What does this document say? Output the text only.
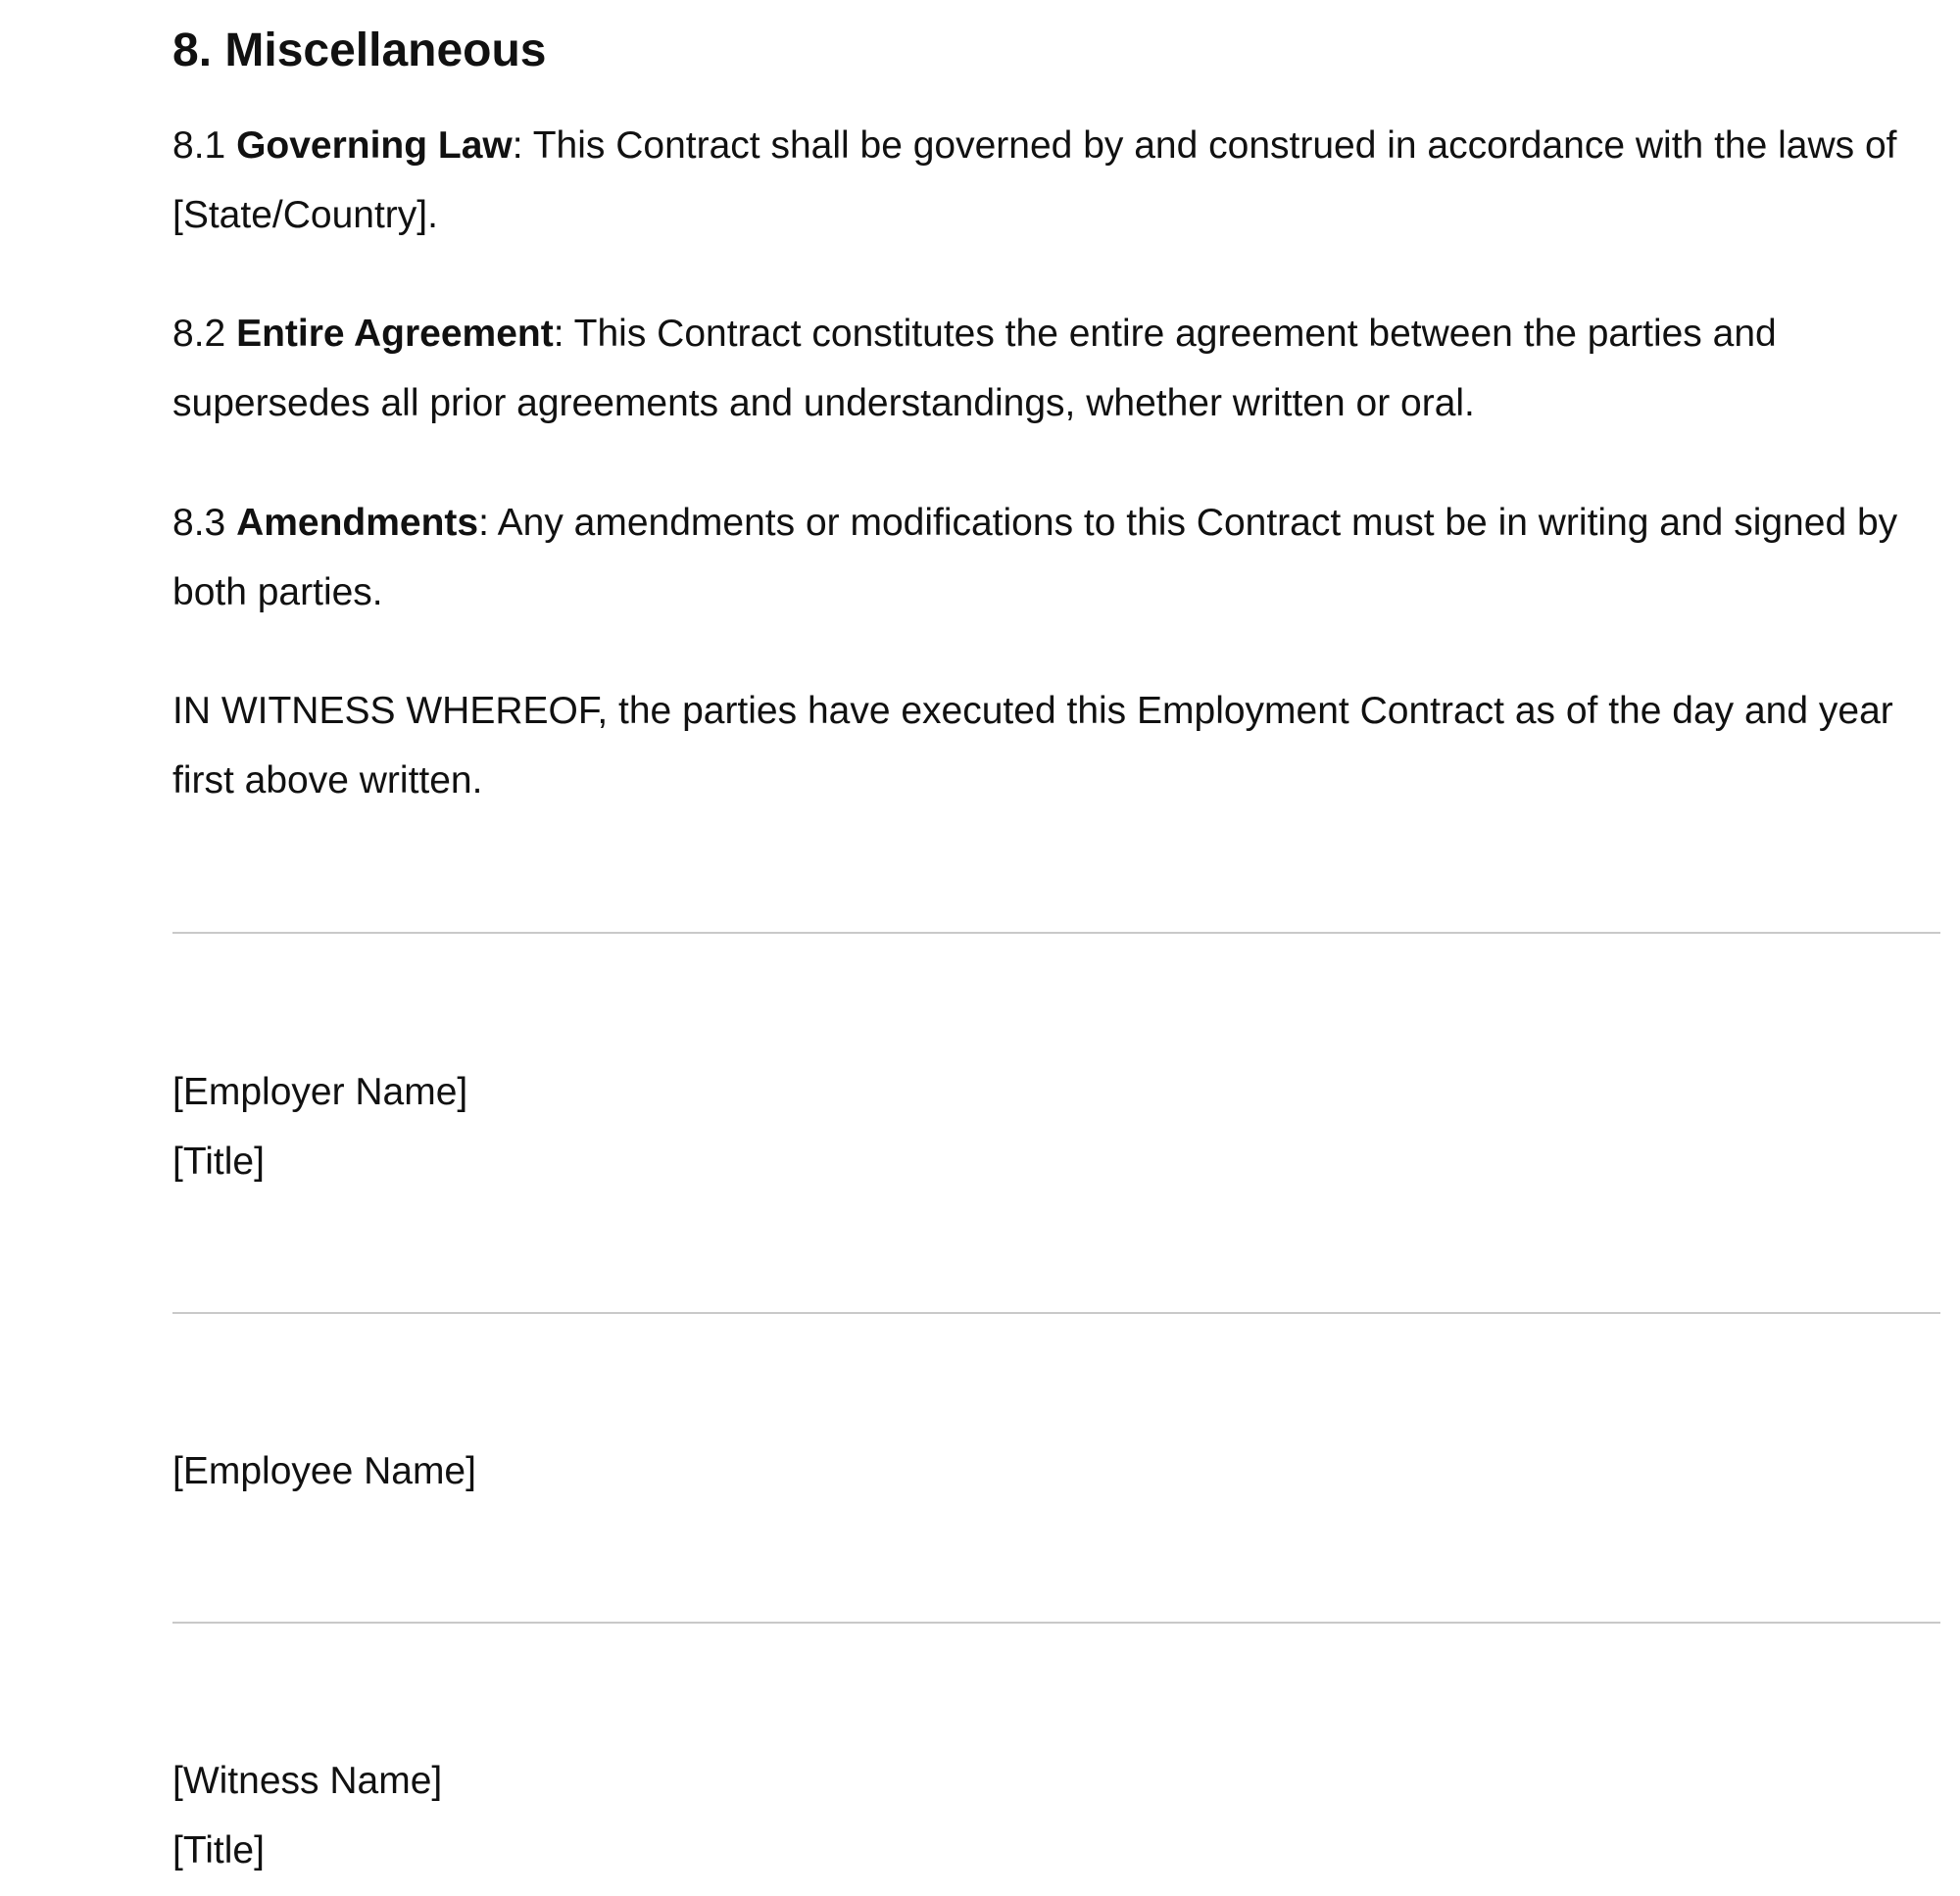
8. Miscellaneous

8.1 Governing Law: This Contract shall be governed by and construed in accordance with the laws of [State/Country].

8.2 Entire Agreement: This Contract constitutes the entire agreement between the parties and supersedes all prior agreements and understandings, whether written or oral.

8.3 Amendments: Any amendments or modifications to this Contract must be in writing and signed by both parties.

IN WITNESS WHEREOF, the parties have executed this Employment Contract as of the day and year first above written.

[Employer Name]

[Title]

[Employee Name]

[Witness Name]

[Title]
